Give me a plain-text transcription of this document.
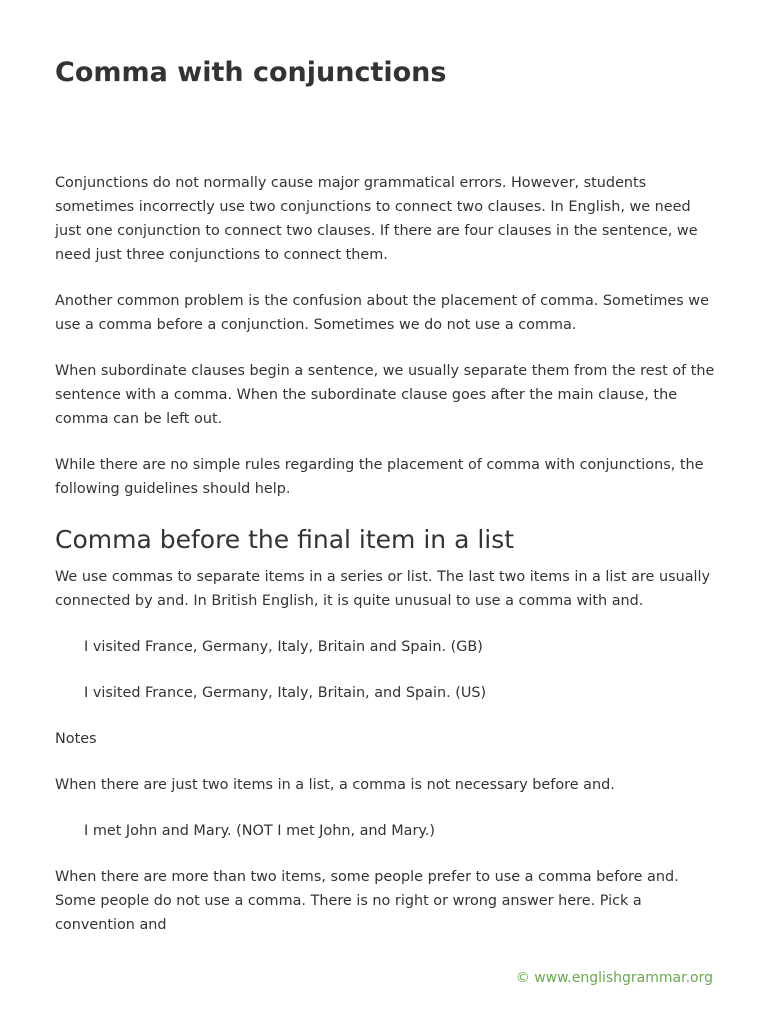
Comma with conjunctions

Conjunctions do not normally cause major grammatical errors. However, students sometimes incorrectly use two conjunctions to connect two clauses. In English, we need just one conjunction to connect two clauses. If there are four clauses in the sentence, we need just three conjunctions to connect them.

Another common problem is the confusion about the placement of comma. Sometimes we use a comma before a conjunction. Sometimes we do not use a comma.

When subordinate clauses begin a sentence, we usually separate them from the rest of the sentence with a comma. When the subordinate clause goes after the main clause, the comma can be left out.

While there are no simple rules regarding the placement of comma with conjunctions, the following guidelines should help.

Comma before the final item in a list

We use commas to separate items in a series or list. The last two items in a list are usually connected by and. In British English, it is quite unusual to use a comma with and.

I visited France, Germany, Italy, Britain and Spain. (GB)

I visited France, Germany, Italy, Britain, and Spain. (US)

Notes

When there are just two items in a list, a comma is not necessary before and.

I met John and Mary. (NOT I met John, and Mary.)

When there are more than two items, some people prefer to use a comma before and. Some people do not use a comma. There is no right or wrong answer here. Pick a convention and

© www.englishgrammar.org
